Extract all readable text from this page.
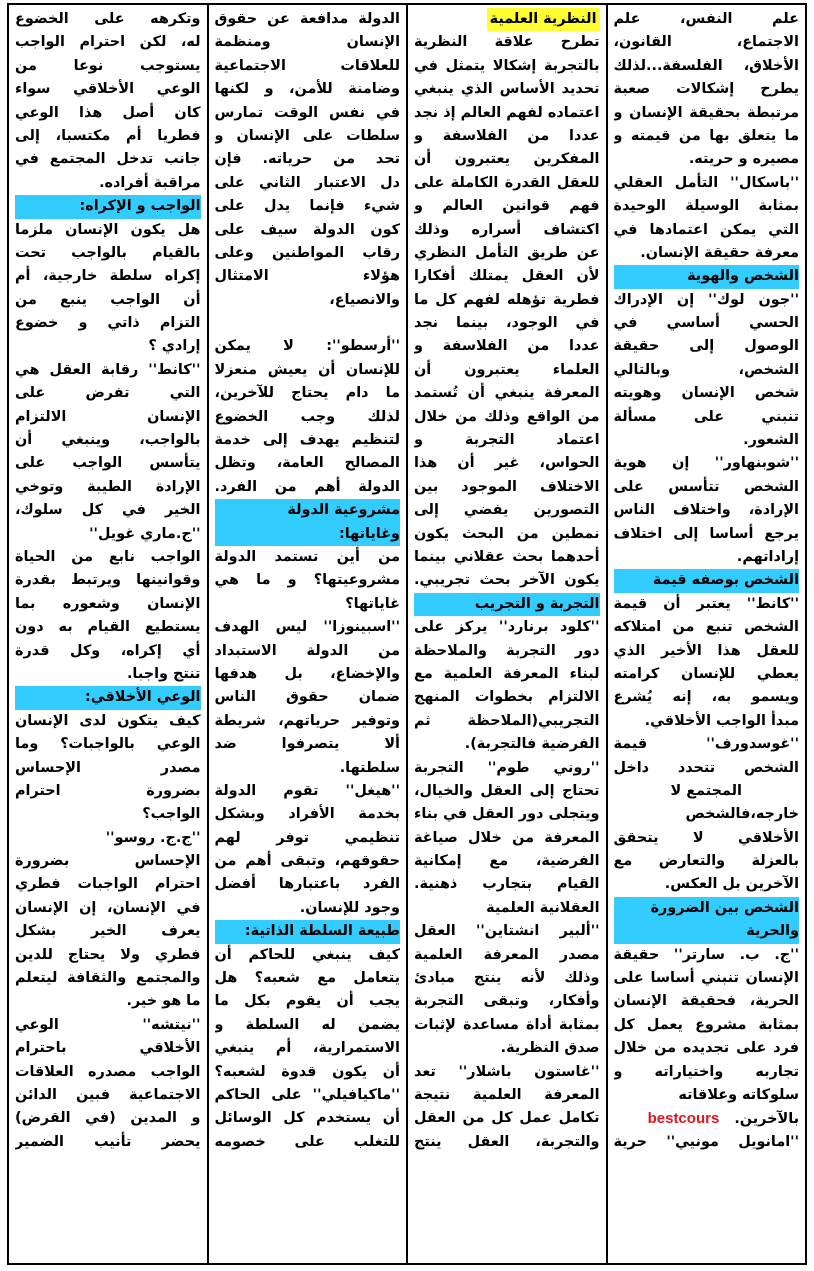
علم النفس، علم
الاجتماع، القانون،
الأخلاق، الفلسفة...لذلك
يطرح إشكالات صعبة
مرتبطة بحقيقة الإنسان و
ما يتعلق بها من قيمته و
مصيره و حريته.
''باسكال'' التأمل العقلي
بمثابة الوسيلة الوحيدة
التي يمكن اعتمادها في
معرفة حقيقة الإنسان.
الشخص والهوية
''جون لوك'' إن الإدراك
الحسي أساسي في
الوصول إلى حقيقة
الشخص، وبالتالي
شخص الإنسان وهويته
تنبني على مسألة
الشعور.
''شوبنهاور'' إن هوية
الشخص تتأسس على
الإرادة، واختلاف الناس
يرجع أساسا إلى اختلاف
إراداتهم.
الشخص بوصفه قيمة
''كانط'' يعتبر أن قيمة
الشخص تنبع من امتلاكه
للعقل هذا الأخير الذي
يعطي للإنسان كرامته
ويسمو به، إنه يُشرع
مبدأ الواجب الأخلاقي.
''غوسدورف'' قيمة
الشخص تتحدد داخل
المجتمع لا
خارجه،فالشخص
الأخلاقي لا يتحقق
بالعزلة والتعارض مع
الآخرين بل العكس.
الشخص بين الضرورة
والحرية
''ج. ب. سارتر'' حقيقة
الإنسان تنبني أساسا على
الحرية، فحقيقة الإنسان
بمثابة مشروع يعمل كل
فرد على تجديده من خلال
تجاربه واختياراته و
سلوكاته وعلاقاته
بالآخرين.   bestcours
''امانويل مونيي'' حرية
النظرية العلمية
تطرح علاقة النظرية
بالتجربة إشكالا يتمثل في
تحديد الأساس الذي ينبغي
اعتماده لفهم العالم إذ نجد
عددا من الفلاسفة و
المفكرين يعتبرون أن
للعقل القدرة الكاملة على
فهم قوانين العالم و
اكتشاف أسراره وذلك
عن طريق التأمل النظري
لأن العقل يمتلك أفكارا
فطرية تؤهله لفهم كل ما
في الوجود، بينما نجد
عددا من الفلاسفة و
العلماء يعتبرون أن
المعرفة ينبغي أن تُستمد
من الواقع وذلك من خلال
اعتماد التجربة و
الحواس، غير أن هذا
الاختلاف الموجود بين
التصورين يفضي إلى
نمطين من البحث يكون
أحدهما بحث عقلاني بينما
يكون الآخر بحث تجريبي.
التجربة و التجريب
''كلود برنارد'' يركز على
دور التجربة والملاحظة
لبناء المعرفة العلمية مع
الالتزام بخطوات المنهج
التجريبي(الملاحظة ثم
الفرضية فالتجربة).
''روني طوم'' التجربة
تحتاج إلى العقل والخيال،
ويتجلى دور العقل في بناء
المعرفة من خلال صياغة
الفرضية، مع إمكانية
القيام بتجارب ذهنية.
العقلانية العلمية
''ألبير انشتاين'' العقل
مصدر المعرفة العلمية
وذلك لأنه ينتج مبادئ
وأفكار، وتبقى التجربة
بمثابة أداة مساعدة لإثبات
صدق النظرية.
''غاستون باشلار'' تعد
المعرفة العلمية نتيجة
تكامل عمل كل من العقل
والتجربة، العقل ينتج
الدولة مدافعة عن حقوق
الإنسان ومنظمة
للعلاقات الاجتماعية
وضامنة للأمن، و لكنها
في نفس الوقت تمارس
سلطات على الإنسان و
تحد من حرياته. فإن
دل الاعتبار الثاني على
شيء فإنما يدل على
كون الدولة سيف على
رقاب المواطنين وعلى
هؤلاء الامتثال
والانصياع،
''أرسطو'': لا يمكن
للإنسان أن يعيش منعزلا
ما دام يحتاج للآخرين،
لذلك وجب الخضوع
لتنظيم يهدف إلى خدمة
المصالح العامة، وتظل
الدولة أهم من الفرد.
مشروعية الدولة
وغاياتها:
من أين تستمد الدولة
مشروعيتها؟ و ما هي
غاياتها؟
''اسبينوزا'' ليس الهدف
من الدولة الاستبداد
والإخضاع، بل هدفها
ضمان حقوق الناس
وتوفير حرياتهم، شريطة
ألا يتصرفوا ضد
سلطتها.
''هيغل'' تقوم الدولة
بخدمة الأفراد وبشكل
تنظيمي توفر لهم
حقوقهم، وتبقى أهم من
الفرد باعتبارها أفضل
وجود للإنسان.
طبيعة السلطة الذاتية:
كيف ينبغي للحاكم أن
يتعامل مع شعبه؟ هل
يجب أن يقوم بكل ما
يضمن له السلطة و
الاستمرارية، أم ينبغي
أن يكون قدوة لشعبه؟
''ماكيافيلي'' على الحاكم
أن يستخدم كل الوسائل
للتغلب على خصومه
وتكرهه على الخضوع
له، لكن احترام الواجب
يستوجب نوعا من
الوعي الأخلاقي سواء
كان أصل هذا الوعي
فطريا أم مكتسبا، إلى
جانب تدخل المجتمع في
مراقبة أفراده.
الواجب و الإكراه:
هل يكون الإنسان ملزما
بالقيام بالواجب تحت
إكراه سلطة خارجية، أم
أن الواجب ينبع من
التزام ذاتي و خضوع
إرادي ؟
''كانط'' رقابة العقل هي
التي تفرض على
الإنسان الالتزام
بالواجب، وينبغي أن
يتأسس الواجب على
الإرادة الطيبة وتوخي
الخير في كل سلوك،
''ج.ماري غويل''
الواجب نابع من الحياة
وقوانينها ويرتبط بقدرة
الإنسان وشعوره بما
يستطيع القيام به دون
أي إكراه، وكل قدرة
تنتج واجبا.
الوعي الأخلاقي:
كيف يتكون لدى الإنسان
الوعي بالواجبات؟ وما
مصدر الإحساس
بضرورة احترام
الواجب؟
''ج.ج. روسو''
الإحساس بضرورة
احترام الواجبات فطري
في الإنسان، إن الإنسان
يعرف الخير بشكل
فطري ولا يحتاج للدين
والمجتمع والثقافة ليتعلم
ما هو خير.
''نيتشه'' الوعي
الأخلاقي باحترام
الواجب مصدره العلاقات
الاجتماعية فبين الدائن
و المدين (في القرض)
يحضر تأنيب الضمير
